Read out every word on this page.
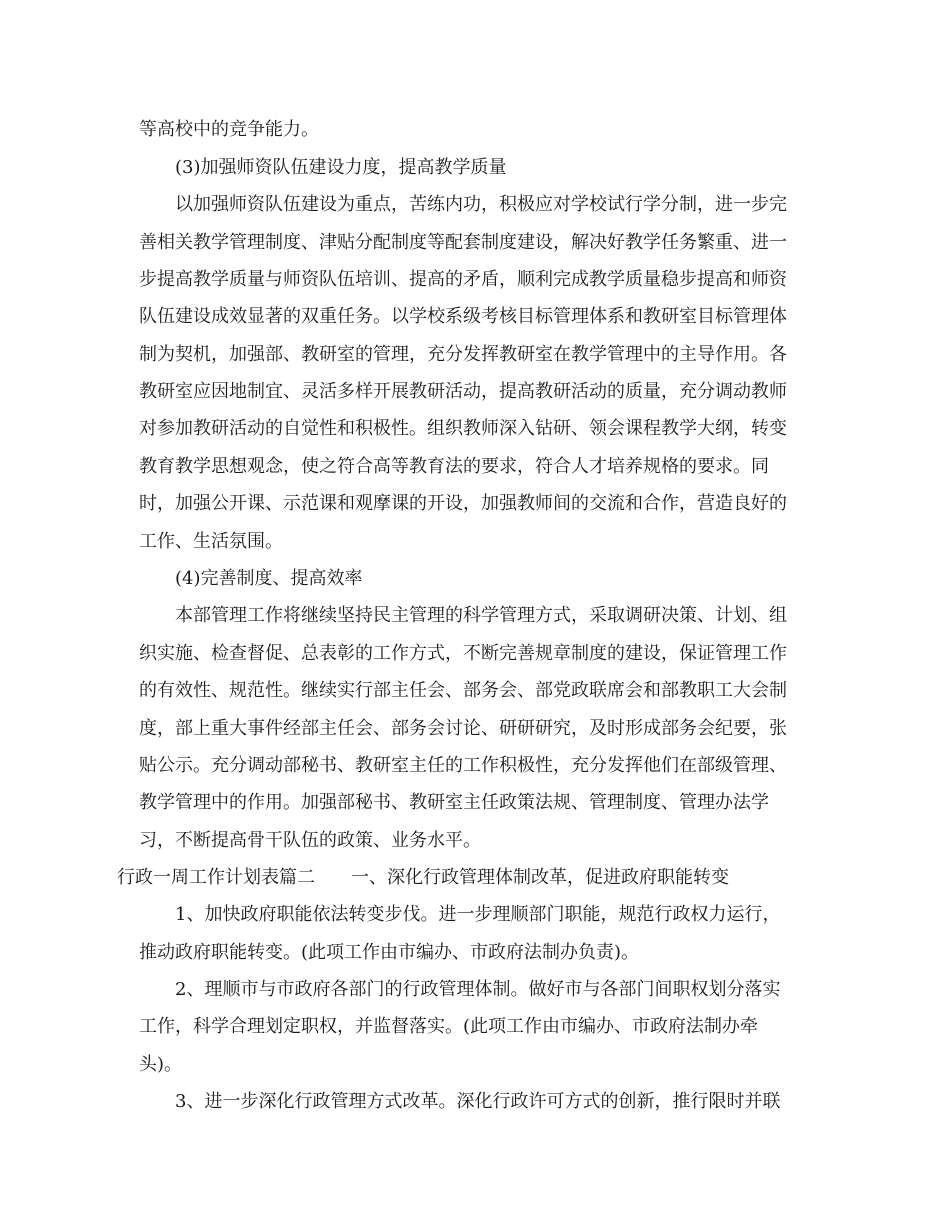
等高校中的竞争能力。
(3)加强师资队伍建设力度，提高教学质量
以加强师资队伍建设为重点，苦练内功，积极应对学校试行学分制，进一步完
善相关教学管理制度、津贴分配制度等配套制度建设，解决好教学任务繁重、进一
步提高教学质量与师资队伍培训、提高的矛盾，顺利完成教学质量稳步提高和师资
队伍建设成效显著的双重任务。以学校系级考核目标管理体系和教研室目标管理体
制为契机，加强部、教研室的管理，充分发挥教研室在教学管理中的主导作用。各
教研室应因地制宜、灵活多样开展教研活动，提高教研活动的质量，充分调动教师
对参加教研活动的自觉性和积极性。组织教师深入钻研、领会课程教学大纲，转变
教育教学思想观念，使之符合高等教育法的要求，符合人才培养规格的要求。同
时，加强公开课、示范课和观摩课的开设，加强教师间的交流和合作，营造良好的
工作、生活氛围。
(4)完善制度、提高效率
本部管理工作将继续坚持民主管理的科学管理方式，采取调研决策、计划、组
织实施、检查督促、总表彰的工作方式，不断完善规章制度的建设，保证管理工作
的有效性、规范性。继续实行部主任会、部务会、部党政联席会和部教职工大会制
度，部上重大事件经部主任会、部务会讨论、研研研究，及时形成部务会纪要，张
贴公示。充分调动部秘书、教研室主任的工作积极性，充分发挥他们在部级管理、
教学管理中的作用。加强部秘书、教研室主任政策法规、管理制度、管理办法学
习，不断提高骨干队伍的政策、业务水平。
行政一周工作计划表篇二　　一、深化行政管理体制改革，促进政府职能转变
1、加快政府职能依法转变步伐。进一步理顺部门职能，规范行政权力运行，
推动政府职能转变。(此项工作由市编办、市政府法制办负责)。
2、理顺市与市政府各部门的行政管理体制。做好市与各部门间职权划分落实
工作，科学合理划定职权，并监督落实。(此项工作由市编办、市政府法制办牵
头)。
3、进一步深化行政管理方式改革。深化行政许可方式的创新，推行限时并联
